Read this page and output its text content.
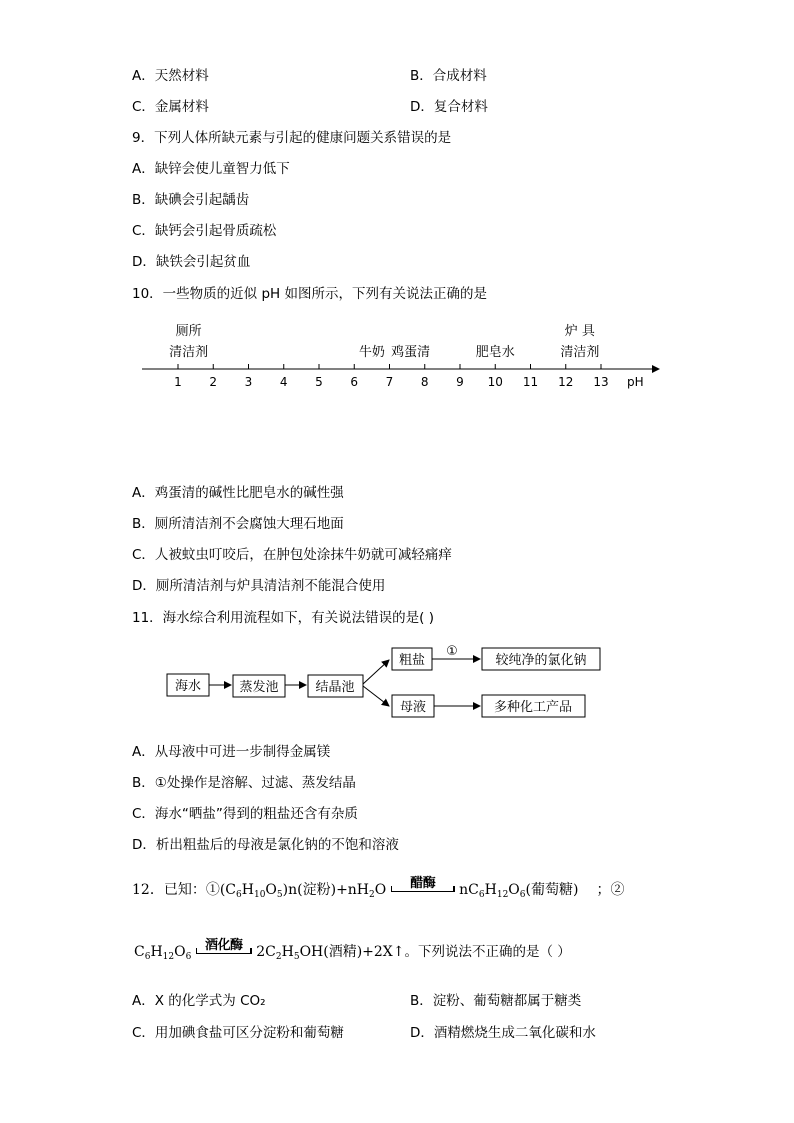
A．天然材料	B．合成材料
C．金属材料	D．复合材料
9．下列人体所缺元素与引起的健康问题关系错误的是
A．缺锌会使儿童智力低下
B．缺碘会引起龋齿
C．缺钙会引起骨质疏松
D．缺铁会引起贫血
10．一些物质的近似 pH 如图所示，下列有关说法正确的是
pH
1 2 3 4 5 6 7 8 9 10 11 12 13
厕所
清洁剂	牛奶 鸡蛋清	肥皂水
炉 具
清洁剂
A．鸡蛋清的碱性比肥皂水的碱性强
B．厕所清洁剂不会腐蚀大理石地面
C．人被蚊虫叮咬后，在肿包处涂抹牛奶就可减轻痛痒
D．厕所清洁剂与炉具清洁剂不能混合使用
11．海水综合利用流程如下，有关说法错误的是( )
海水	蒸发池	结晶池
粗盐
①
较纯净的氯化钠
母液	多种化工产品
A．从母液中可进一步制得金属镁
B．①处操作是溶解、过滤、蒸发结晶
C．海水“晒盐”得到的粗盐还含有杂质
D．析出粗盐后的母液是氯化钠的不饱和溶液
12．已知：$①(C_6H_{10}O_5)n$(淀粉)$+nH_2O$	醋酶	$nC_6H_{12}O_6$(葡萄糖) ；②
$C_6H_{12}O_6$
酒化酶 $2C_2H_5OH$(酒精)+2X↑。下列说法不正确的是（ ）
A．X 的化学式为 CO₂	B．淀粉、葡萄糖都属于糖类
C．用加碘食盐可区分淀粉和葡萄糖	D．酒精燃烧生成二氧化碳和水
